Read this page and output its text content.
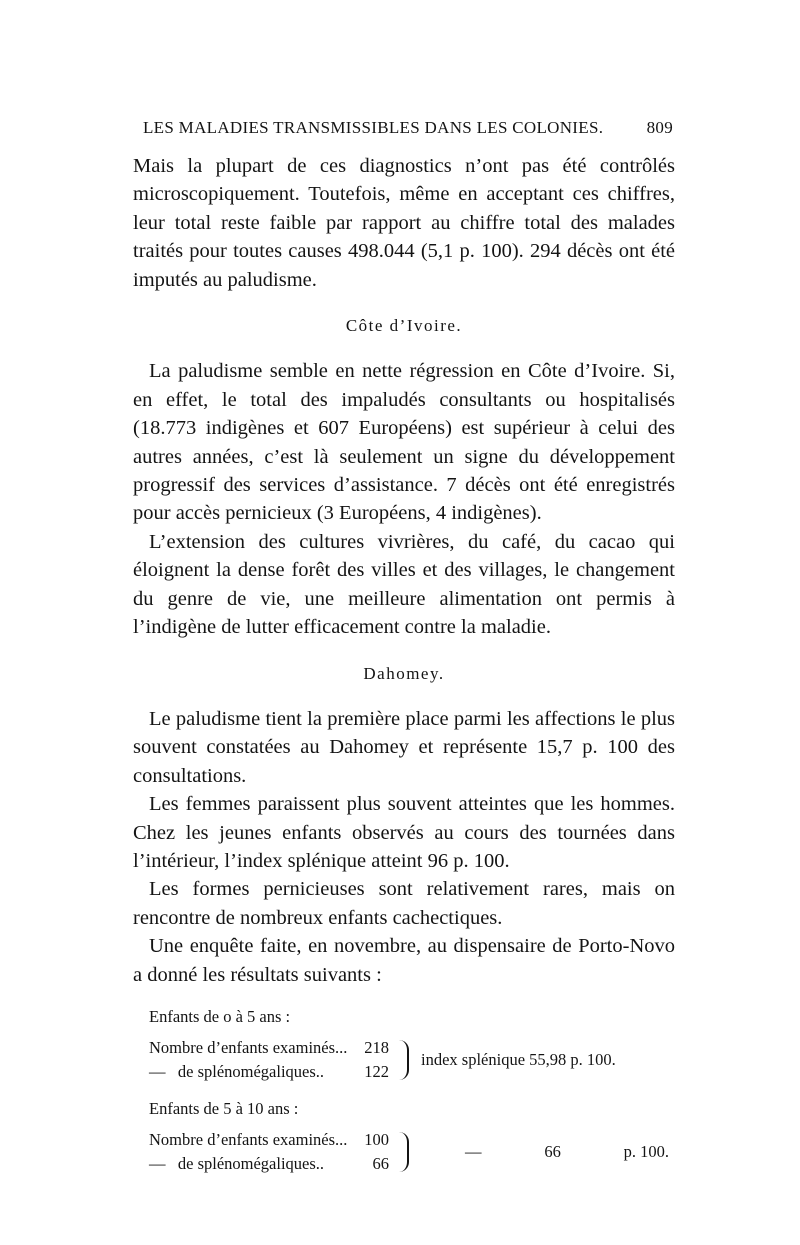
LES MALADIES TRANSMISSIBLES DANS LES COLONIES.	809

Mais la plupart de ces diagnostics n’ont pas été contrôlés microscopiquement. Toutefois, même en acceptant ces chiffres, leur total reste faible par rapport au chiffre total des malades traités pour toutes causes 498.044 (5,1 p. 100). 294 décès ont été imputés au paludisme.

Côte d’Ivoire.

La paludisme semble en nette régression en Côte d’Ivoire. Si, en effet, le total des impaludés consultants ou hospitalisés (18.773 indigènes et 607 Européens) est supérieur à celui des autres années, c’est là seulement un signe du développement progressif des services d’assistance. 7 décès ont été enregistrés pour accès pernicieux (3 Européens, 4 indigènes).

L’extension des cultures vivrières, du café, du cacao qui éloignent la dense forêt des villes et des villages, le changement du genre de vie, une meilleure alimentation ont permis à l’indigène de lutter efficacement contre la maladie.

Dahomey.

Le paludisme tient la première place parmi les affections le plus souvent constatées au Dahomey et représente 15,7 p. 100 des consultations.

Les femmes paraissent plus souvent atteintes que les hommes. Chez les jeunes enfants observés au cours des tournées dans l’intérieur, l’index splénique atteint 96 p. 100.

Les formes pernicieuses sont relativement rares, mais on rencontre de nombreux enfants cachectiques.

Une enquête faite, en novembre, au dispensaire de Porto-Novo a donné les résultats suivants :

Enfants de o à 5 ans :
Nombre d’enfants examinés... 218
— de splénomégaliques.. 122
index splénique 55,98 p. 100.
Enfants de 5 à 10 ans :
Nombre d’enfants examinés... 100
— de splénomégaliques..	66
—	66	p. 100.
